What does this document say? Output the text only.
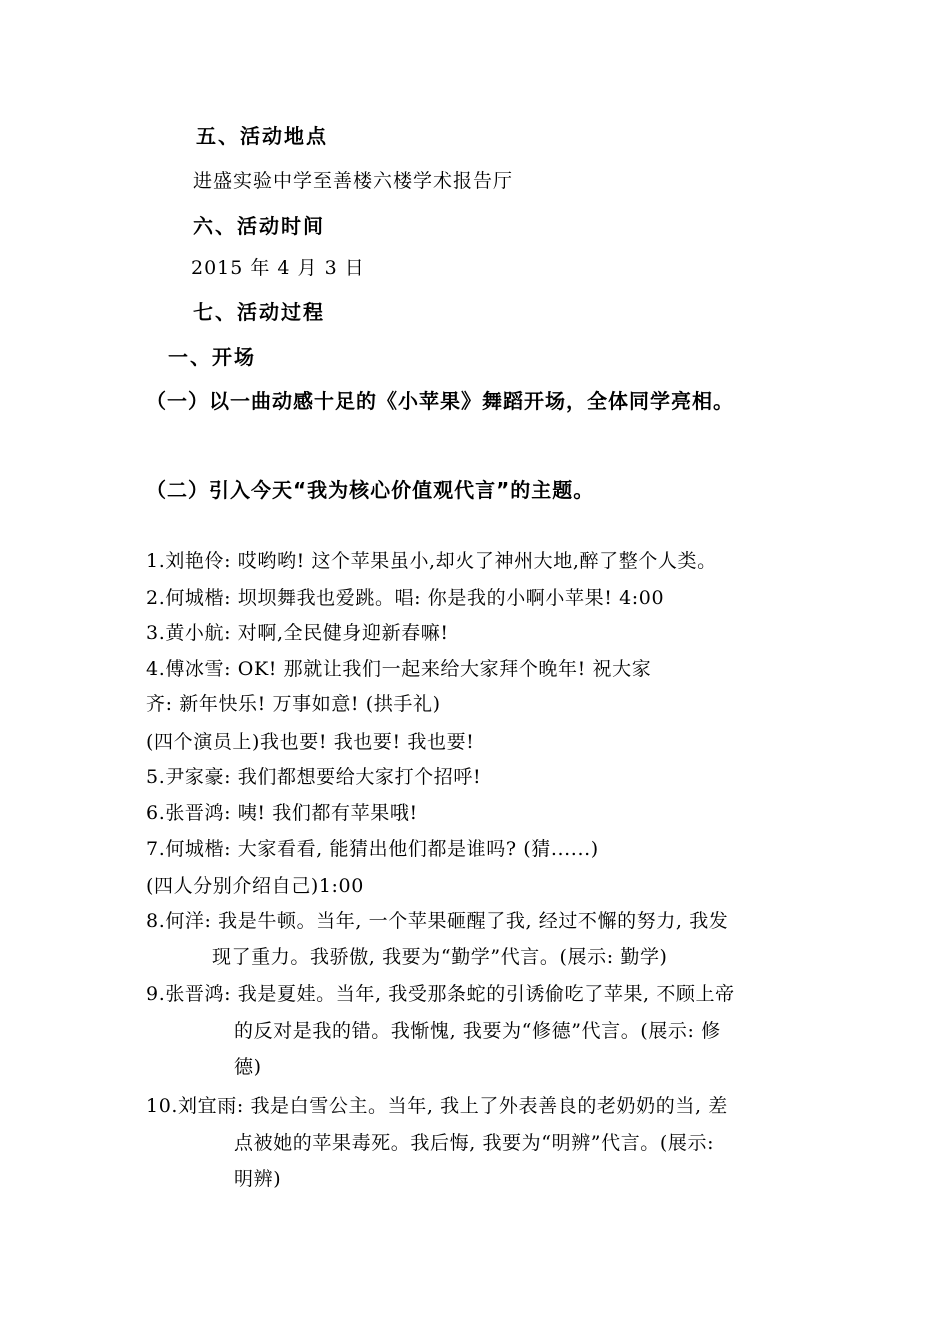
五、活动地点
进盛实验中学至善楼六楼学术报告厅
六、活动时间
2015 年 4 月 3 日
七、活动过程
一、开场
（一）以一曲动感十足的《小苹果》舞蹈开场，全体同学亮相。
（二）引入今天“我为核心价值观代言”的主题。
1.刘艳伶: 哎哟哟! 这个苹果虽小,却火了神州大地,醉了整个人类。
2.何城楷: 坝坝舞我也爱跳。唱: 你是我的小啊小苹果! 4:00
3.黄小航: 对啊,全民健身迎新春嘛!
4.傅冰雪: OK! 那就让我们一起来给大家拜个晚年! 祝大家
齐: 新年快乐! 万事如意! (拱手礼)
(四个演员上)我也要! 我也要! 我也要!
5.尹家豪: 我们都想要给大家打个招呼!
6.张晋鸿: 咦! 我们都有苹果哦!
7.何城楷: 大家看看, 能猜出他们都是谁吗? (猜......)
(四人分别介绍自己)1:00
8.何洋: 我是牛顿。当年, 一个苹果砸醒了我, 经过不懈的努力, 我发
现了重力。我骄傲, 我要为“勤学”代言。(展示: 勤学)
9.张晋鸿: 我是夏娃。当年, 我受那条蛇的引诱偷吃了苹果, 不顾上帝
的反对是我的错。我惭愧, 我要为“修德”代言。(展示: 修
德)
10.刘宜雨: 我是白雪公主。当年, 我上了外表善良的老奶奶的当, 差
点被她的苹果毒死。我后悔, 我要为“明辨”代言。(展示:
明辨)
